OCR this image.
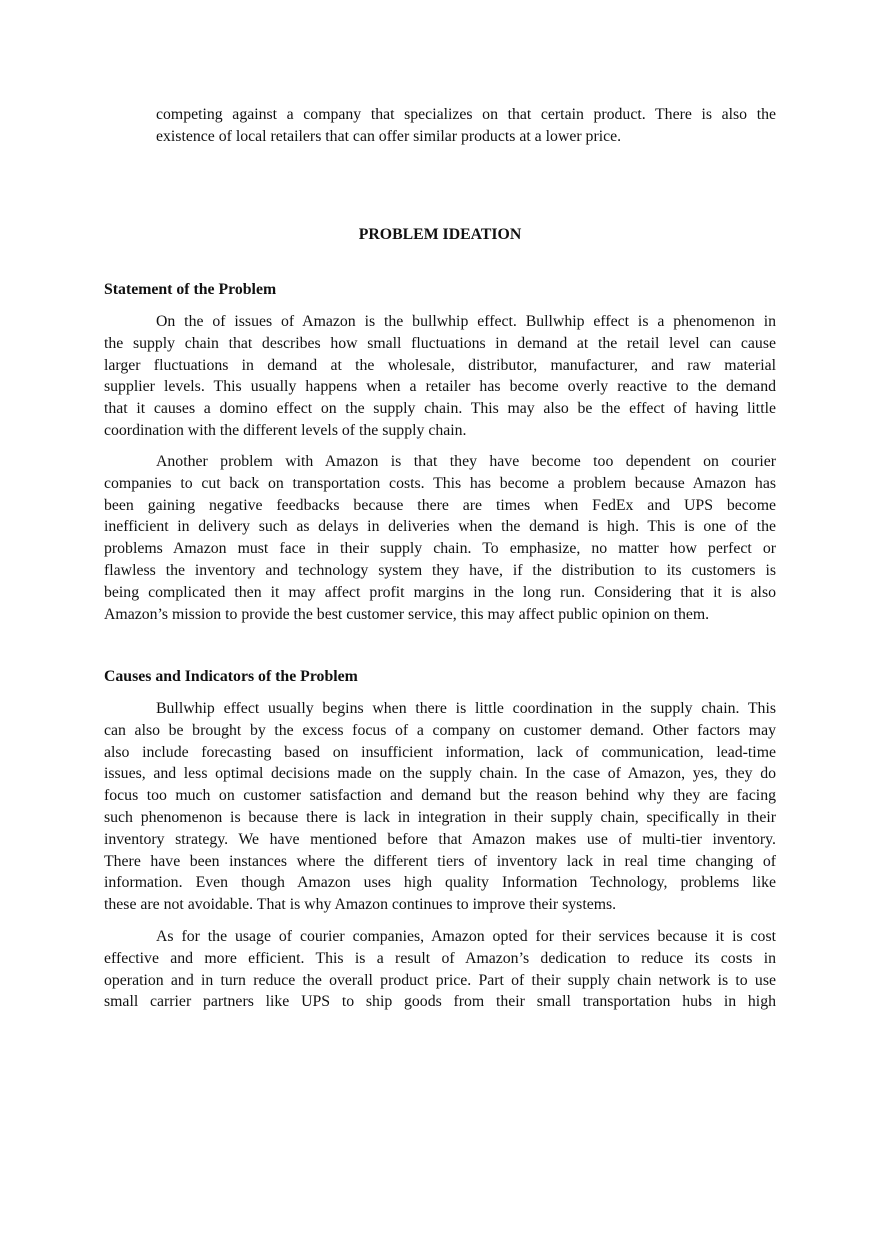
competing against a company that specializes on that certain product. There is also the
existence of local retailers that can offer similar products at a lower price.
PROBLEM IDEATION
Statement of the Problem
On the of issues of Amazon is the bullwhip effect. Bullwhip effect is a phenomenon in
the supply chain that describes how small fluctuations in demand at the retail level can cause
larger fluctuations in demand at the wholesale, distributor, manufacturer, and raw material
supplier levels. This usually happens when a retailer has become overly reactive to the demand
that it causes a domino effect on the supply chain. This may also be the effect of having little
coordination with the different levels of the supply chain.
Another problem with Amazon is that they have become too dependent on courier
companies to cut back on transportation costs. This has become a problem because Amazon has
been gaining negative feedbacks because there are times when FedEx and UPS become
inefficient in delivery such as delays in deliveries when the demand is high. This is one of the
problems Amazon must face in their supply chain. To emphasize, no matter how perfect or
flawless the inventory and technology system they have, if the distribution to its customers is
being complicated then it may affect profit margins in the long run. Considering that it is also
Amazon’s mission to provide the best customer service, this may affect public opinion on them.
Causes and Indicators of the Problem
Bullwhip effect usually begins when there is little coordination in the supply chain. This
can also be brought by the excess focus of a company on customer demand. Other factors may
also include forecasting based on insufficient information, lack of communication, lead-time
issues, and less optimal decisions made on the supply chain. In the case of Amazon, yes, they do
focus too much on customer satisfaction and demand but the reason behind why they are facing
such phenomenon is because there is lack in integration in their supply chain, specifically in their
inventory strategy. We have mentioned before that Amazon makes use of multi-tier inventory.
There have been instances where the different tiers of inventory lack in real time changing of
information. Even though Amazon uses high quality Information Technology, problems like
these are not avoidable. That is why Amazon continues to improve their systems.
As for the usage of courier companies, Amazon opted for their services because it is cost
effective and more efficient. This is a result of Amazon’s dedication to reduce its costs in
operation and in turn reduce the overall product price. Part of their supply chain network is to use
small carrier partners like UPS to ship goods from their small transportation hubs in high
